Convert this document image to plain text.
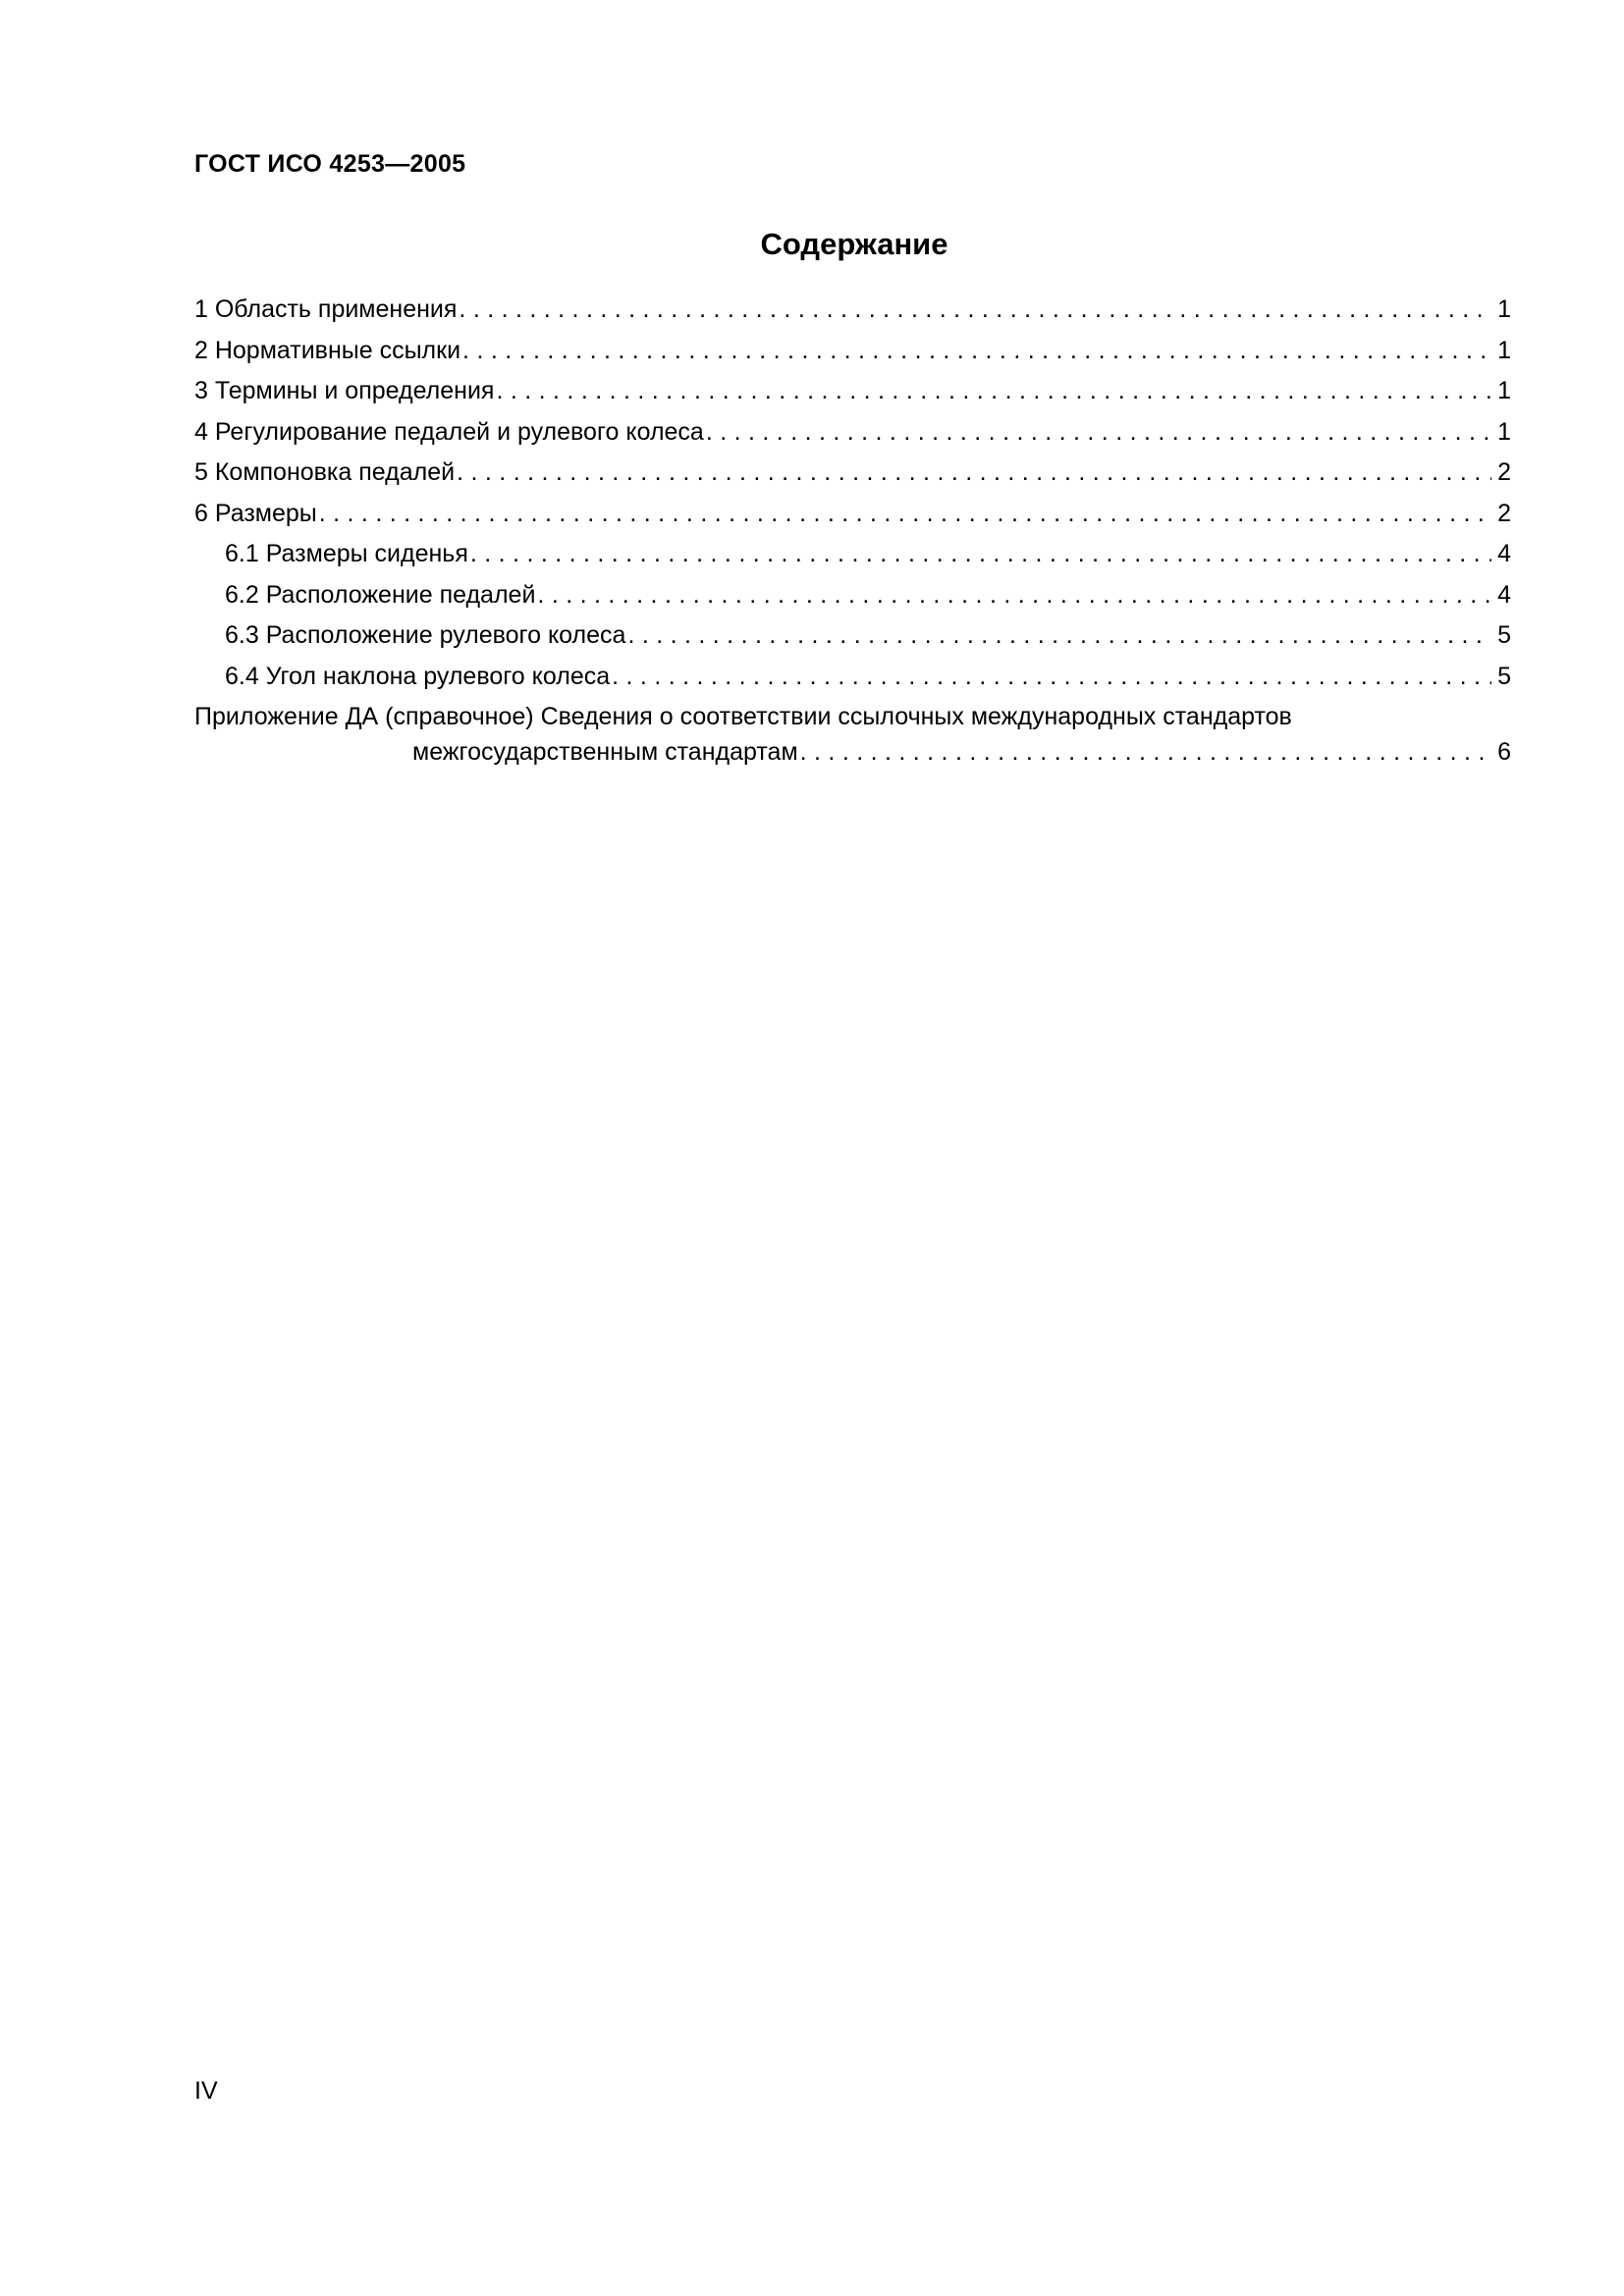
ГОСТ ИСО 4253—2005
Содержание
1 Область применения . . .	1
2 Нормативные ссылки . . .	1
3 Термины и определения . . .	1
4 Регулирование педалей и рулевого колеса . . .	1
5 Компоновка педалей . . .	2
6 Размеры . . .	2
6.1 Размеры сиденья . . .	4
6.2 Расположение педалей . . .	4
6.3 Расположение рулевого колеса . . .	5
6.4 Угол наклона рулевого колеса . . .	5
Приложение ДА (справочное) Сведения о соответствии ссылочных международных стандартов
межгосударственным стандартам . . .	6
IV
